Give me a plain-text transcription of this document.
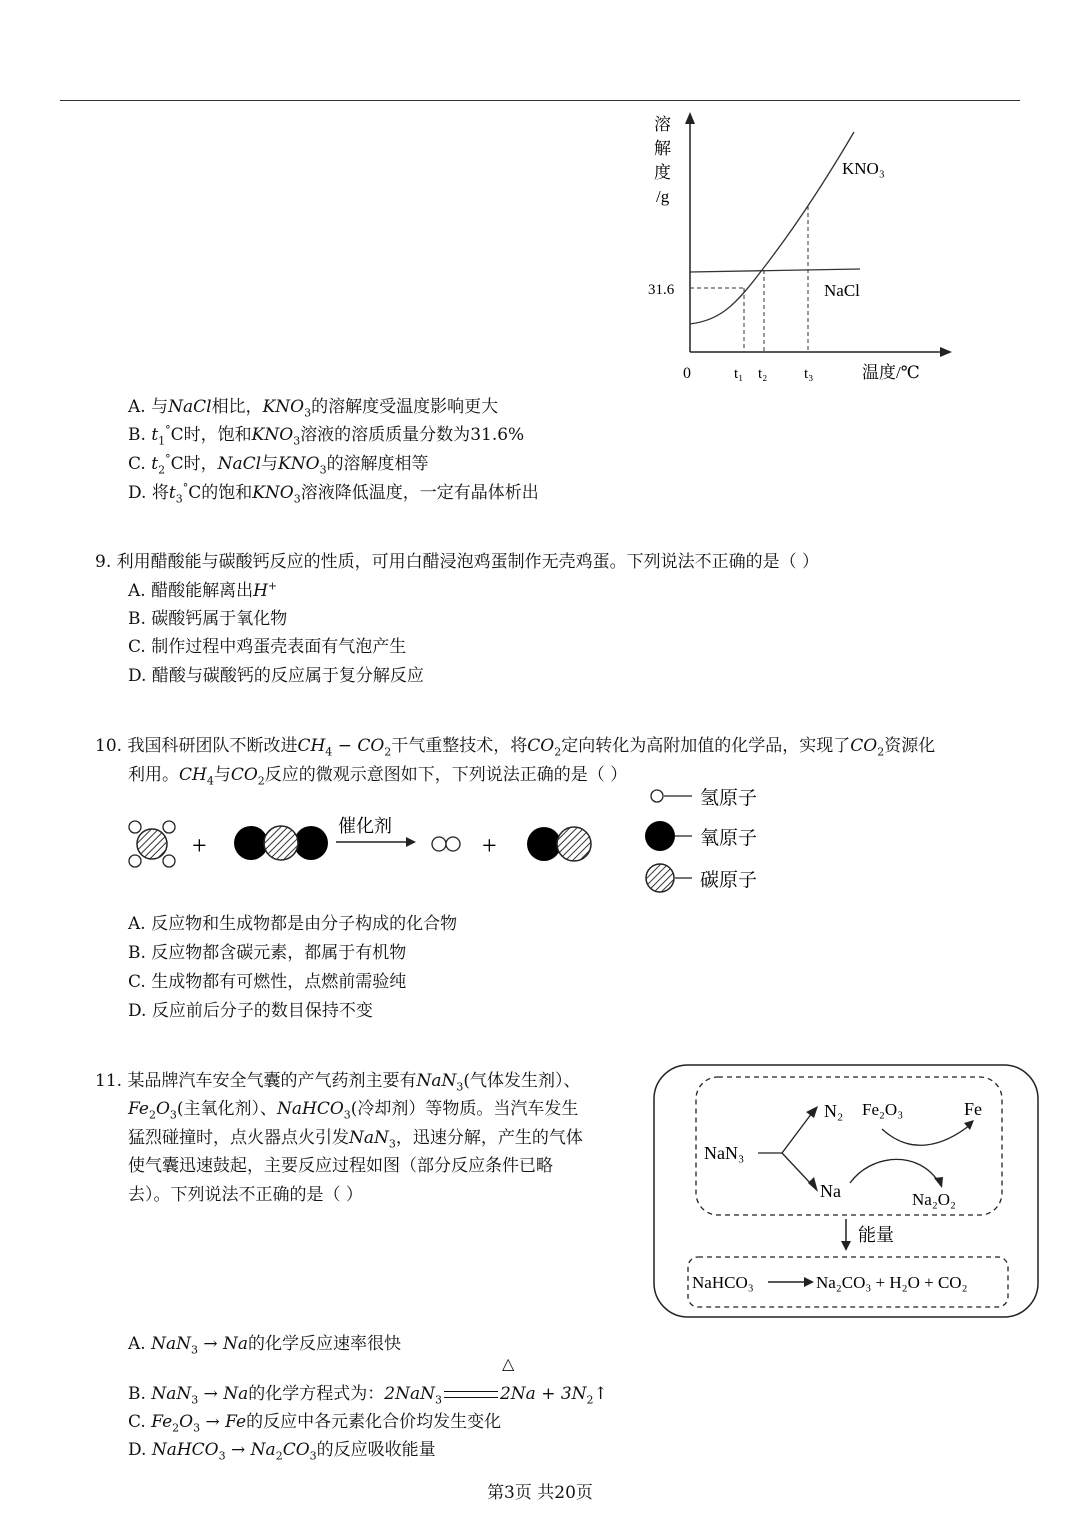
溶
解
度
/g
0
31.6
t₁ t₂ t₃	温度/℃
KNO₃
NaCl
A. 与NaCl相比，$KNO_3$的溶解度受温度影响更大
B. $t_1^\circ C$时，饱和$KNO_3$溶液的溶质质量分数为31.6%
C. $t_2^\circ C$时，NaCl与$KNO_3$的溶解度相等
D. 将$t_3^\circ C$的饱和$KNO_3$溶液降低温度，一定有晶体析出
9. 利用醋酸能与碳酸钙反应的性质，可用白醋浸泡鸡蛋制作无壳鸡蛋。下列说法不正确的是（ ）
A. 醋酸能解离出H+
B. 碳酸钙属于氧化物
C. 制作过程中鸡蛋壳表面有气泡产生
D. 醋酸与碳酸钙的反应属于复分解反应
10. 我国科研团队不断改进$CH_4 - CO_2$干气重整技术，将$CO_2$定向转化为高附加值的化学品，实现了$CO_2$资源化
利用。$CH_4$与$CO_2$反应的微观示意图如下，下列说法正确的是（ ）
+
催化剂
+
氢原子
氧原子
碳原子
A. 反应物和生成物都是由分子构成的化合物
B. 反应物都含碳元素，都属于有机物
C. 生成物都有可燃性，点燃前需验纯
D. 反应前后分子的数目保持不变
11. 某品牌汽车安全气囊的产气药剂主要有NaN$_3$(气体发生剂）、
$Fe_2O_3$(主氧化剂）、NaHCO$_3$(冷却剂）等物质。当汽车发生
猛烈碰撞时，点火器点火引发NaN$_3$，迅速分解，产生的气体
使气囊迅速鼓起，主要反应过程如图（部分反应条件已略
去）。下列说法不正确的是（ ）
NaN₃
N₂
Na
Fe₂O₃	Fe
Na₂O₂
能量
NaHCO₃	Na₂CO₃ + H₂O + CO₂
A. NaN$_3$ → Na的化学反应速率很快
△
B. NaN$_3$ → Na的化学方程式为：2NaN$_3$	$2Na + 3N_2↑$
C. $Fe_2O_3 \to Fe$的反应中各元素化合价均发生变化
D. NaHCO$_3$ → $Na_2CO_3$的反应吸收能量
第3页 共20页
